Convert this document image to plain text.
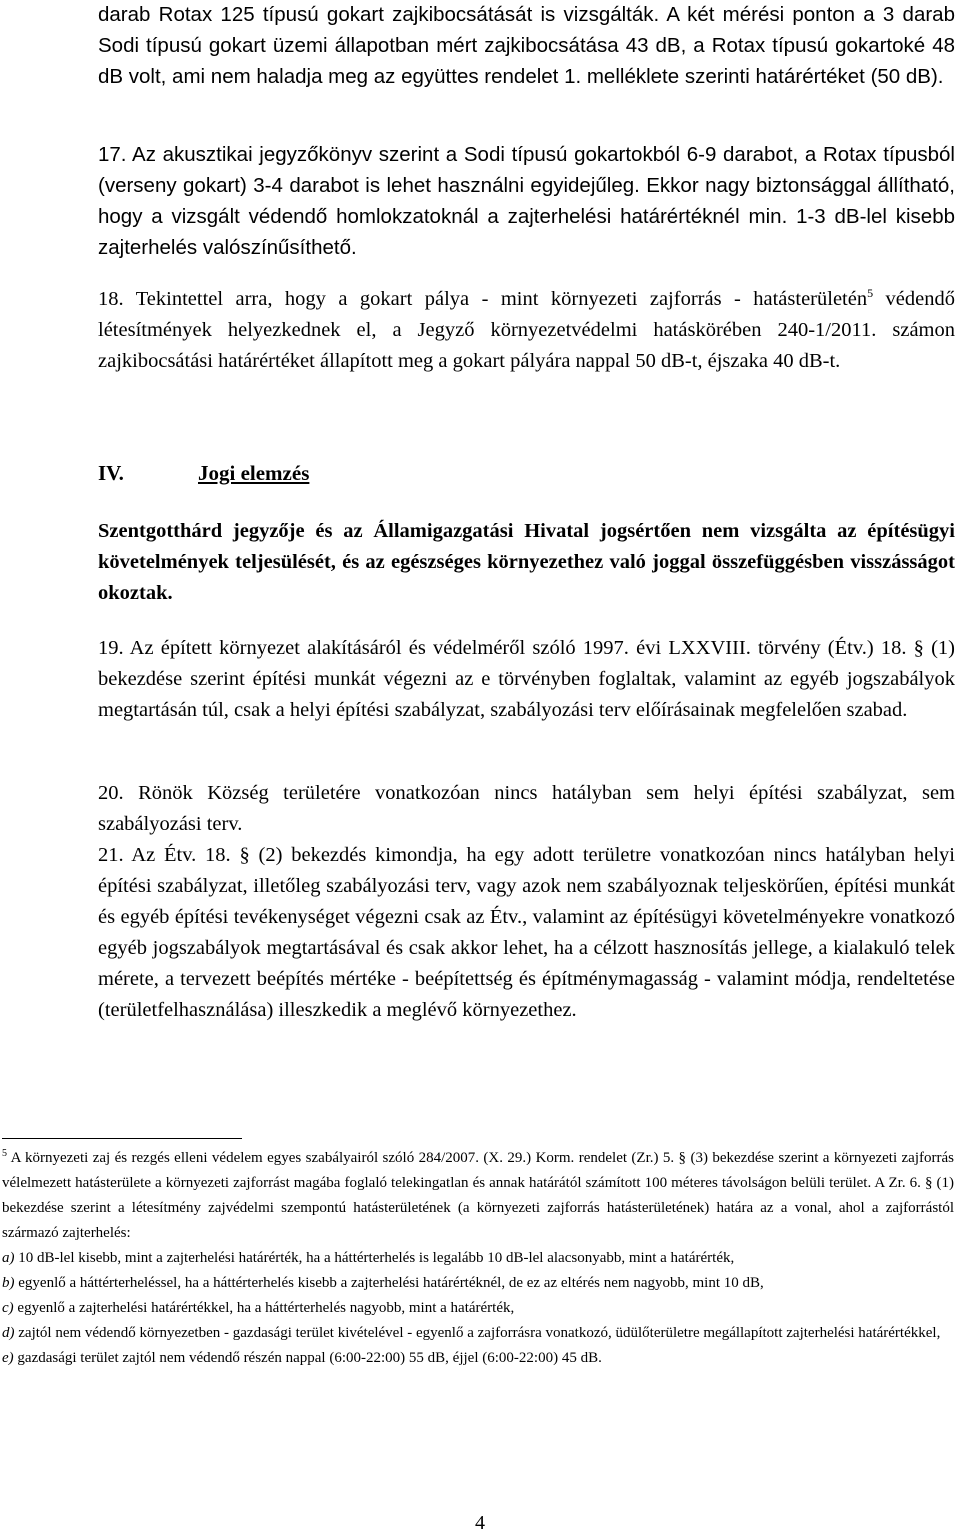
darab Rotax 125 típusú gokart zajkibocsátását is vizsgálták. A két mérési ponton a 3 darab Sodi típusú gokart üzemi állapotban mért zajkibocsátása 43 dB, a Rotax típusú gokartoké 48 dB volt, ami nem haladja meg az együttes rendelet 1. melléklete szerinti határértéket (50 dB).
17. Az akusztikai jegyzőkönyv szerint a Sodi típusú gokartokból 6-9 darabot, a Rotax típusból (verseny gokart) 3-4 darabot is lehet használni egyidejűleg. Ekkor nagy biztonsággal állítható, hogy a vizsgált védendő homlokzatoknál a zajterhelési határértéknél min. 1-3 dB-lel kisebb zajterhelés valószínűsíthető.
18. Tekintettel arra, hogy a gokart pálya - mint környezeti zajforrás - hatásterületén$^5$ védendő létesítmények helyezkednek el, a Jegyző környezetvédelmi hatáskörében 240-1/2011. számon zajkibocsátási határértéket állapított meg a gokart pályára nappal 50 dB-t, éjszaka 40 dB-t.
IV.	Jogi elemzés
Szentgotthárd jegyzője és az Államigazgatási Hivatal jogsértően nem vizsgálta az építésügyi követelmények teljesülését, és az egészséges környezethez való joggal összefüggésben visszásságot okoztak.
19. Az épített környezet alakításáról és védelméről szóló 1997. évi LXXVIII. törvény (Étv.) 18. § (1) bekezdése szerint építési munkát végezni az e törvényben foglaltak, valamint az egyéb jogszabályok megtartásán túl, csak a helyi építési szabályzat, szabályozási terv előírásainak megfelelően szabad.
20. Rönök Község területére vonatkozóan nincs hatályban sem helyi építési szabályzat, sem szabályozási terv.
21. Az Étv. 18. § (2) bekezdés kimondja, ha egy adott területre vonatkozóan nincs hatályban helyi építési szabályzat, illetőleg szabályozási terv, vagy azok nem szabályoznak teljeskörűen, építési munkát és egyéb építési tevékenységet végezni csak az Étv., valamint az építésügyi követelményekre vonatkozó egyéb jogszabályok megtartásával és csak akkor lehet, ha a célzott hasznosítás jellege, a kialakuló telek mérete, a tervezett beépítés mértéke - beépítettség és építménymagasság - valamint módja, rendeltetése (területfelhasználása) illeszkedik a meglévő környezethez.

$^5$ A környezeti zaj és rezgés elleni védelem egyes szabályairól szóló 284/2007. (X. 29.) Korm. rendelet (Zr.) 5. § (3) bekezdése szerint a környezeti zajforrás vélelmezett hatásterülete a környezeti zajforrást magába foglaló telekingatlan és annak határától számított 100 méteres távolságon belüli terület. A Zr. 6. § (1) bekezdése szerint a létesítmény zajvédelmi szempontú hatásterületének (a környezeti zajforrás hatásterületének) határa az a vonal, ahol a zajforrástól származó zajterhelés:

a) 10 dB-lel kisebb, mint a zajterhelési határérték, ha a háttérterhelés is legalább 10 dB-lel alacsonyabb, mint a határérték,

b) egyenlő a háttérterheléssel, ha a háttérterhelés kisebb a zajterhelési határértéknél, de ez az eltérés nem nagyobb, mint 10 dB,

c) egyenlő a zajterhelési határértékkel, ha a háttérterhelés nagyobb, mint a határérték,

d) zajtól nem védendő környezetben - gazdasági terület kivételével - egyenlő a zajforrásra vonatkozó, üdülőterületre megállapított zajterhelési határértékkel,

e) gazdasági terület zajtól nem védendő részén nappal (6:00-22:00) 55 dB, éjjel (6:00-22:00) 45 dB.

4
